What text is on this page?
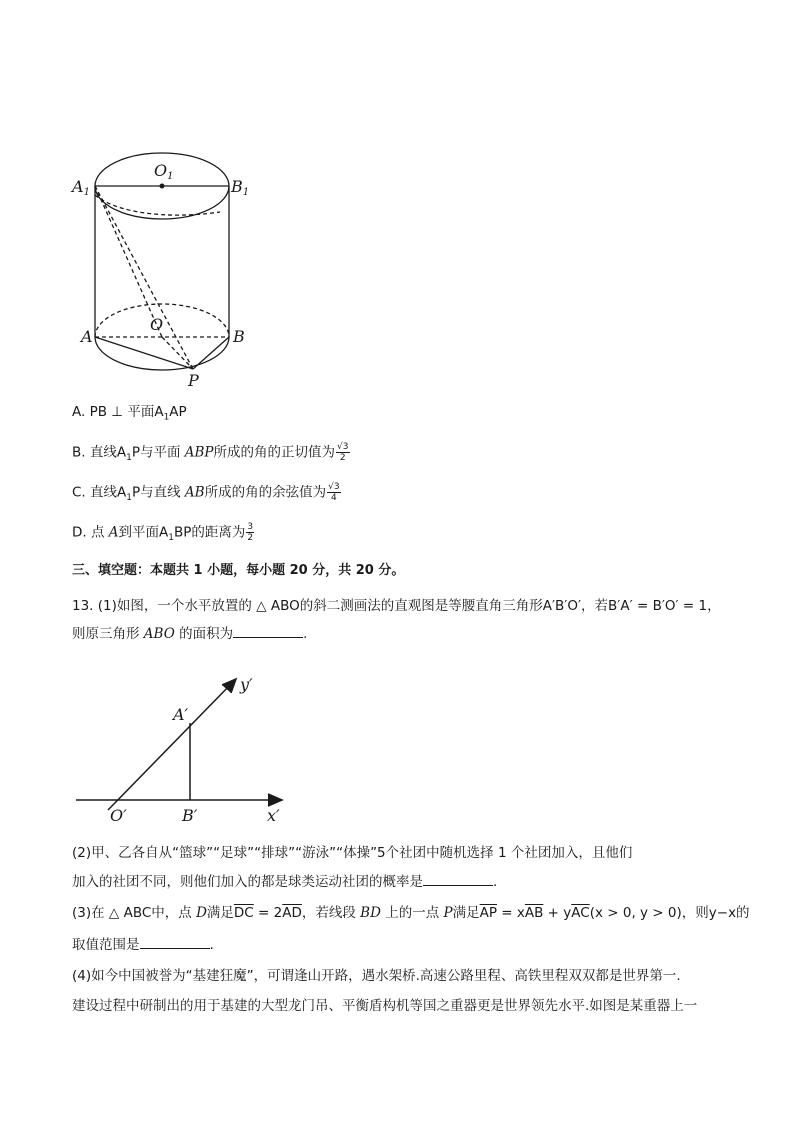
O1
A1	B1
O
A	B
P
A. PB ⊥ 平面$A_1AP$
B. 直线$A_1P$与平面 ABP所成的角的正切值为 $\frac{√3}{2}$
C. 直线$A_1P$与直线 AB所成的角的余弦值为 $\frac{√3}{4}$
D. 点 A到平面$A_1BP$的距离为 $\frac{3}{2}$
三、填空题：本题共 1 小题，每小题 20 分，共 20 分。
13. (1)如图，一个水平放置的 △ ABO的斜二测画法的直观图是等腰直角三角形A′B′O′，若B′A′ = B′O′ = 1，
则原三角形 ABO 的面积为	.
y′
x′
A′
B′
O′
(2)甲、乙各自从“篮球”“足球”“排球”“游泳”“体操”5个社团中随机选择 1 个社团加入，且他们
加入的社团不同，则他们加入的都是球类运动社团的概率是	.
(3)在 △ ABC中，点 D满足$\overline{DC} = 2\overline{AD}$，若线段 BD 上的一点 P满足$\overline{AP} = x\overline{AB} + y\overline{AC}(x > 0$, y > 0)，则y−x的
取值范围是	.
(4)如今中国被誉为“基建狂魔”，可谓逢山开路，遇水架桥.高速公路里程、高铁里程双双都是世界第一.
建设过程中研制出的用于基建的大型龙门吊、平衡盾构机等国之重器更是世界领先水平.如图是某重器上一
